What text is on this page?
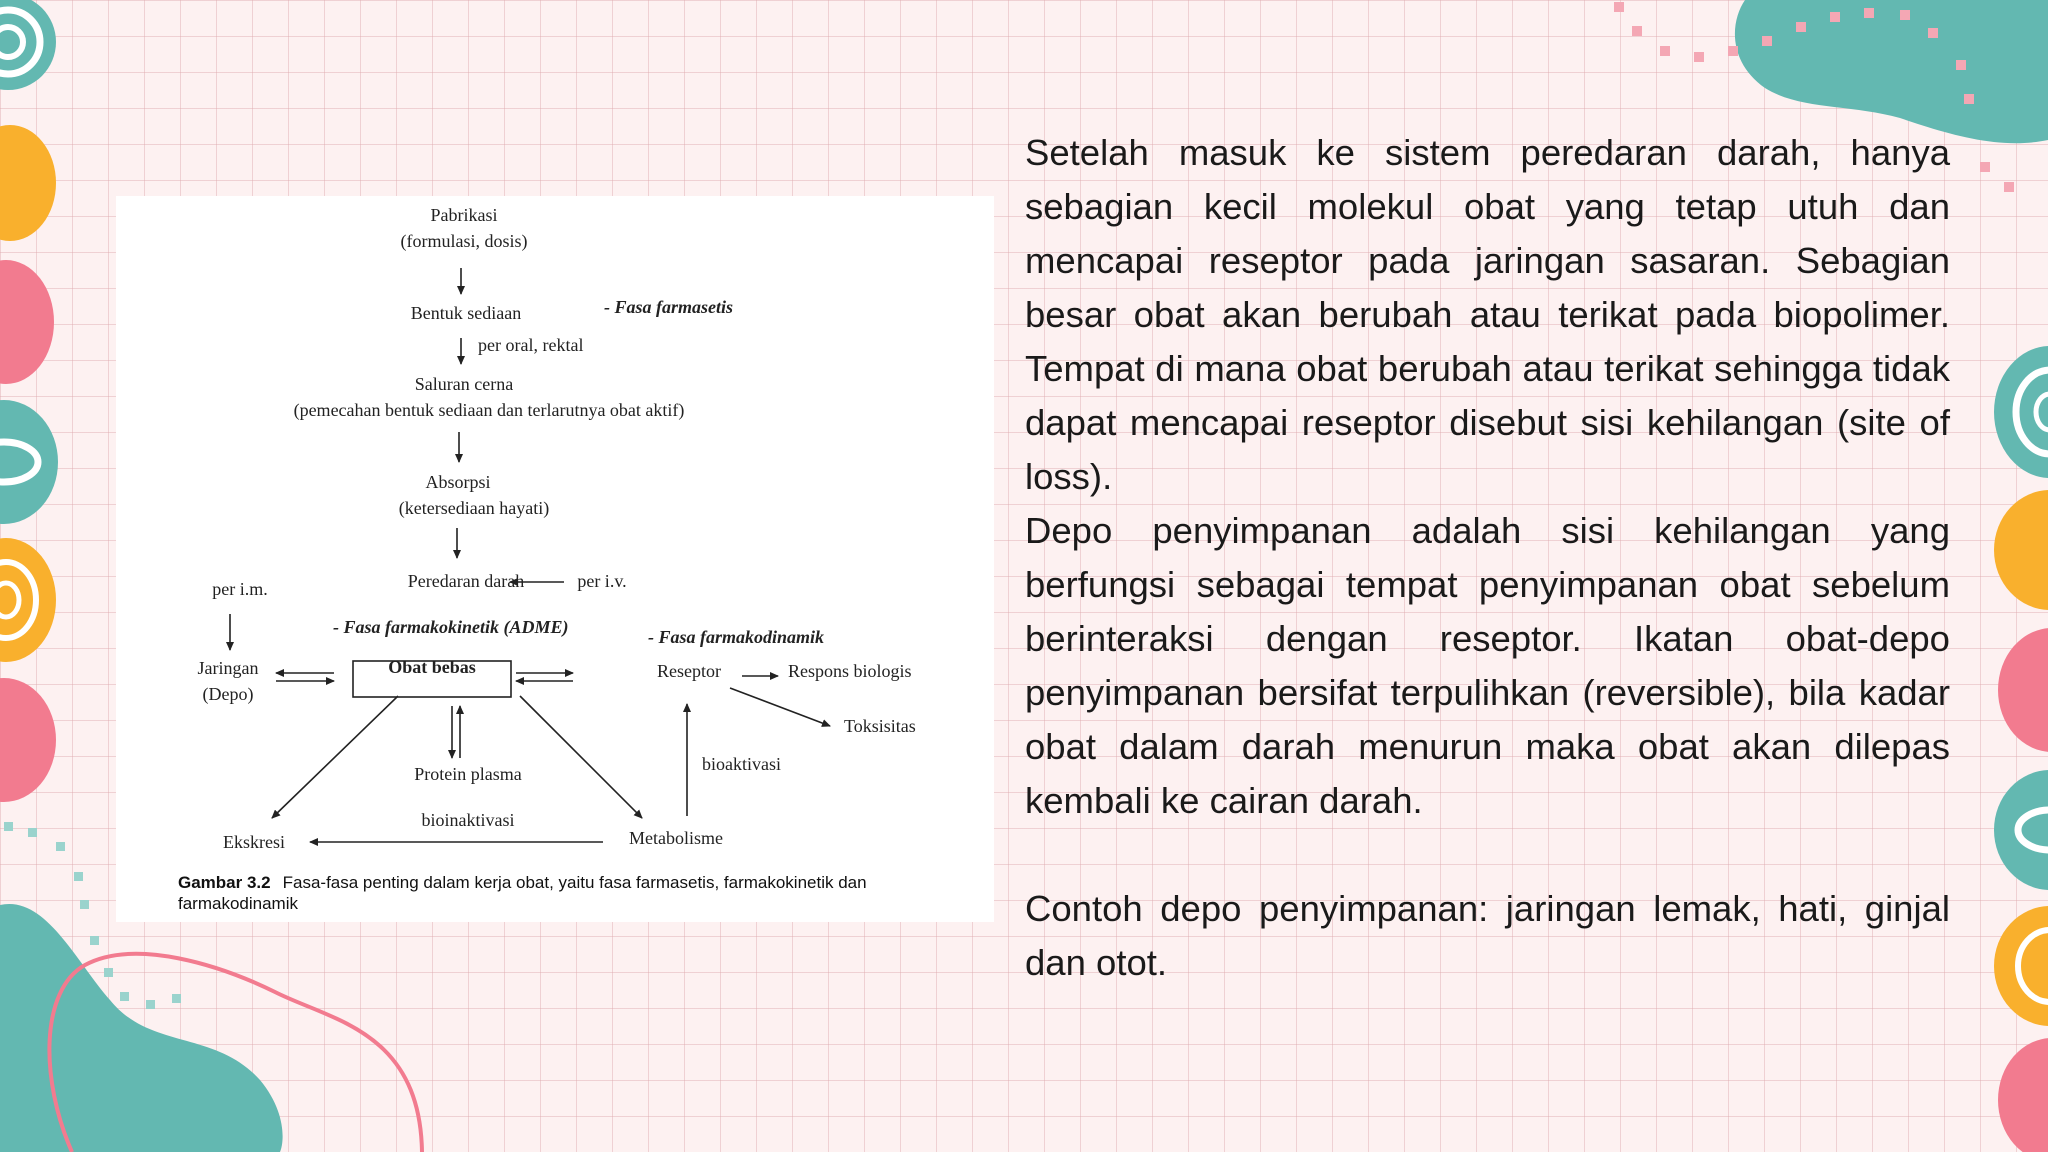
Pabrikasi
(formulasi, dosis)
Bentuk sediaan	- Fasa farmasetis
per oral, rektal
Saluran cerna
(pemecahan bentuk sediaan dan terlarutnya obat aktif)
Absorpsi
(ketersediaan hayati)
Peredaran darah	per i.v.
per i.m.
- Fasa farmakokinetik (ADME)	- Fasa farmakodinamik
Jaringan
(Depo)
Obat bebas	Reseptor	Respons biologis
Toksisitas
Protein plasma	bioaktivasi
bioinaktivasi
Ekskresi	Metabolisme
Gambar 3.2 Fasa-fasa penting dalam kerja obat, yaitu fasa farmasetis, farmakokinetik dan farmakodinamik

Setelah masuk ke sistem peredaran darah, hanya sebagian kecil molekul obat yang tetap utuh dan mencapai reseptor pada jaringan sasaran. Sebagian besar obat akan berubah atau terikat pada biopolimer. Tempat di mana obat berubah atau terikat sehingga tidak dapat mencapai reseptor disebut sisi kehilangan (site of loss).

Depo penyimpanan adalah sisi kehilangan yang berfungsi sebagai tempat penyimpanan obat sebelum berinteraksi dengan reseptor. Ikatan obat-depo penyimpanan bersifat terpulihkan (reversible), bila kadar obat dalam darah menurun maka obat akan dilepas kembali ke cairan darah.

Contoh depo penyimpanan: jaringan lemak, hati, ginjal dan otot.
